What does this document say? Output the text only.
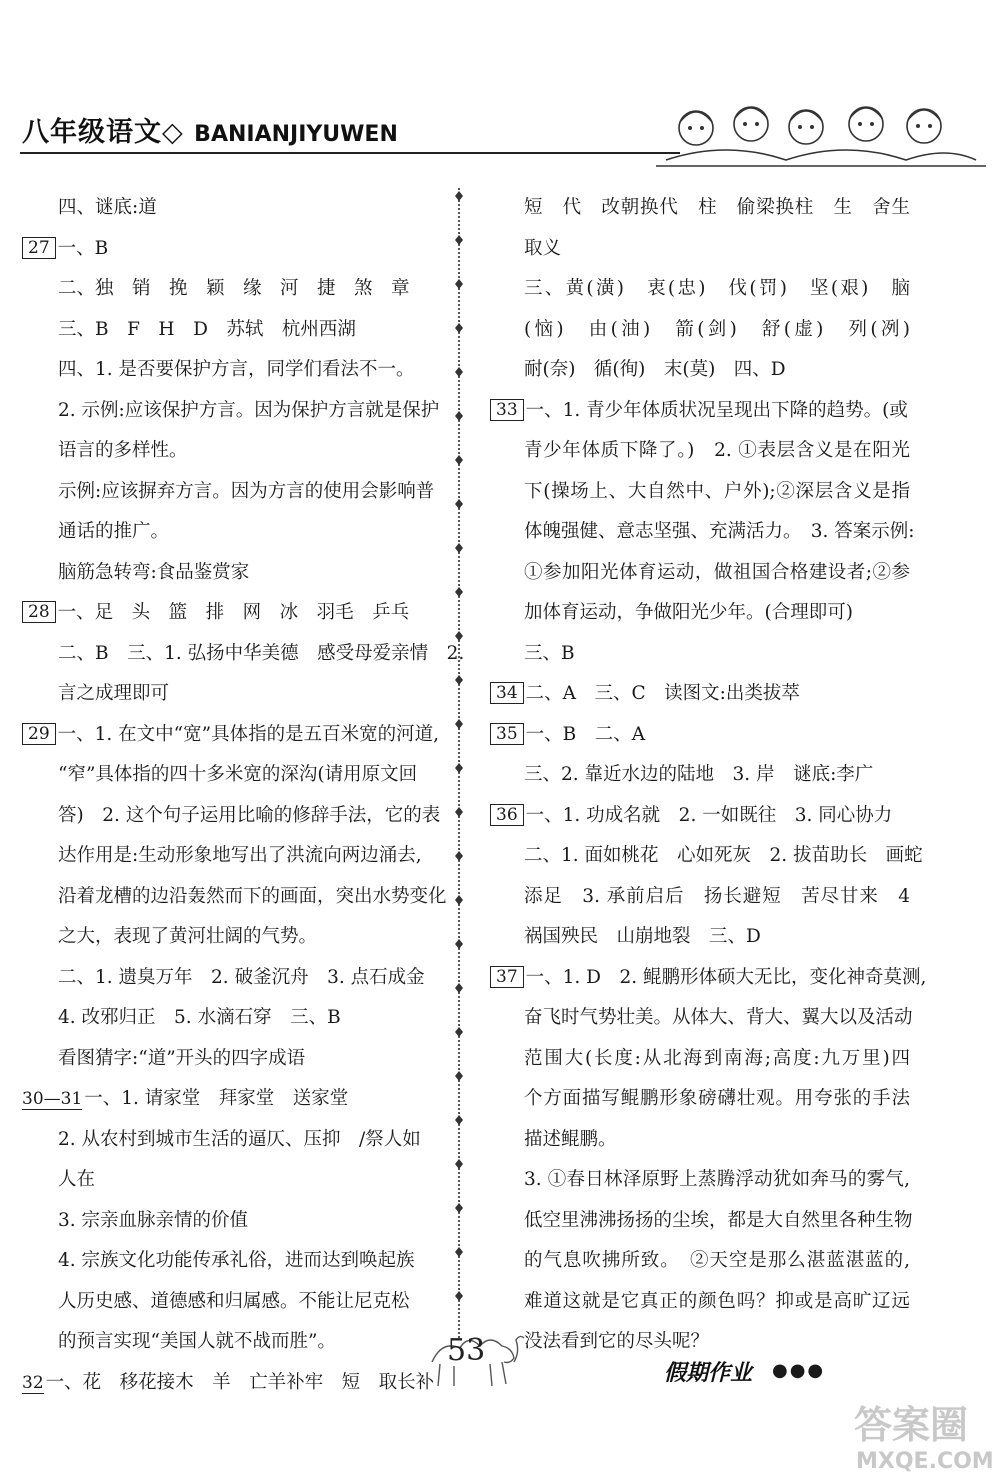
八年级语文◇ BANIANJIYUWEN
四、谜底:道
27 一、B
二、独　销　挽　颖　缘　河　捷　煞　章
三、B　F　H　D　苏轼　杭州西湖
四、1. 是否要保护方言，同学们看法不一。
2. 示例:应该保护方言。因为保护方言就是保护
语言的多样性。
示例:应该摒弃方言。因为方言的使用会影响普
通话的推广。
脑筋急转弯:食品鉴赏家
28 一、足　头　篮　排　网　冰　羽毛　乒乓
二、B　三、1. 弘扬中华美德　感受母爱亲情　2.
言之成理即可
29 一、1. 在文中“宽”具体指的是五百米宽的河道,
“窄”具体指的四十多米宽的深沟(请用原文回
答)　2. 这个句子运用比喻的修辞手法，它的表
达作用是:生动形象地写出了洪流向两边涌去,
沿着龙槽的边沿轰然而下的画面，突出水势变化
之大，表现了黄河壮阔的气势。
二、1. 遗臭万年　2. 破釜沉舟　3. 点石成金
4. 改邪归正　5. 水滴石穿　三、B
看图猜字:“道”开头的四字成语
30—31 一、1. 请家堂　拜家堂　送家堂
2. 从农村到城市生活的逼仄、压抑　/祭人如
人在
3. 宗亲血脉亲情的价值
4. 宗族文化功能传承礼俗，进而达到唤起族
人历史感、道德感和归属感。不能让尼克松
的预言实现“美国人就不战而胜”。
32 一、花　移花接木　羊　亡羊补牢　短　取长补
短　代　改朝换代　柱　偷梁换柱　生　舍生
取义
三、黄(潢)　衷(忠)　伐(罚)　坚(艰)　脑
(恼)　由(油)　箭(剑)　舒(虚)　列(冽)
耐(奈)　循(徇)　末(莫)　四、D
33 一、1. 青少年体质状况呈现出下降的趋势。(或
青少年体质下降了。)　2. ①表层含义是在阳光
下(操场上、大自然中、户外);②深层含义是指
体魄强健、意志坚强、充满活力。　3. 答案示例:
①参加阳光体育运动，做祖国合格建设者;②参
加体育运动，争做阳光少年。(合理即可)
三、B
34 二、A　三、C　读图文:出类拔萃
35 一、B　二、A
三、2. 靠近水边的陆地　3. 岸　谜底:李广
36 一、1. 功成名就　2. 一如既往　3. 同心协力
二、1. 面如桃花　心如死灰　2. 拔苗助长　画蛇
添足　3. 承前启后　扬长避短　苦尽甘来　4
祸国殃民　山崩地裂　三、D
37 一、1. D　2. 鲲鹏形体硕大无比，变化神奇莫测,
奋飞时气势壮美。从体大、背大、翼大以及活动
范围大(长度:从北海到南海;高度:九万里)四
个方面描写鲲鹏形象磅礴壮观。用夸张的手法
描述鲲鹏。
3. ①春日林泽原野上蒸腾浮动犹如奔马的雾气,
低空里沸沸扬扬的尘埃，都是大自然里各种生物
的气息吹拂所致。　②天空是那么湛蓝湛蓝的,
难道这就是它真正的颜色吗？抑或是高旷辽远
没法看到它的尽头呢？
53
假期作业 ●●●
答案圈
MXQE.COM
